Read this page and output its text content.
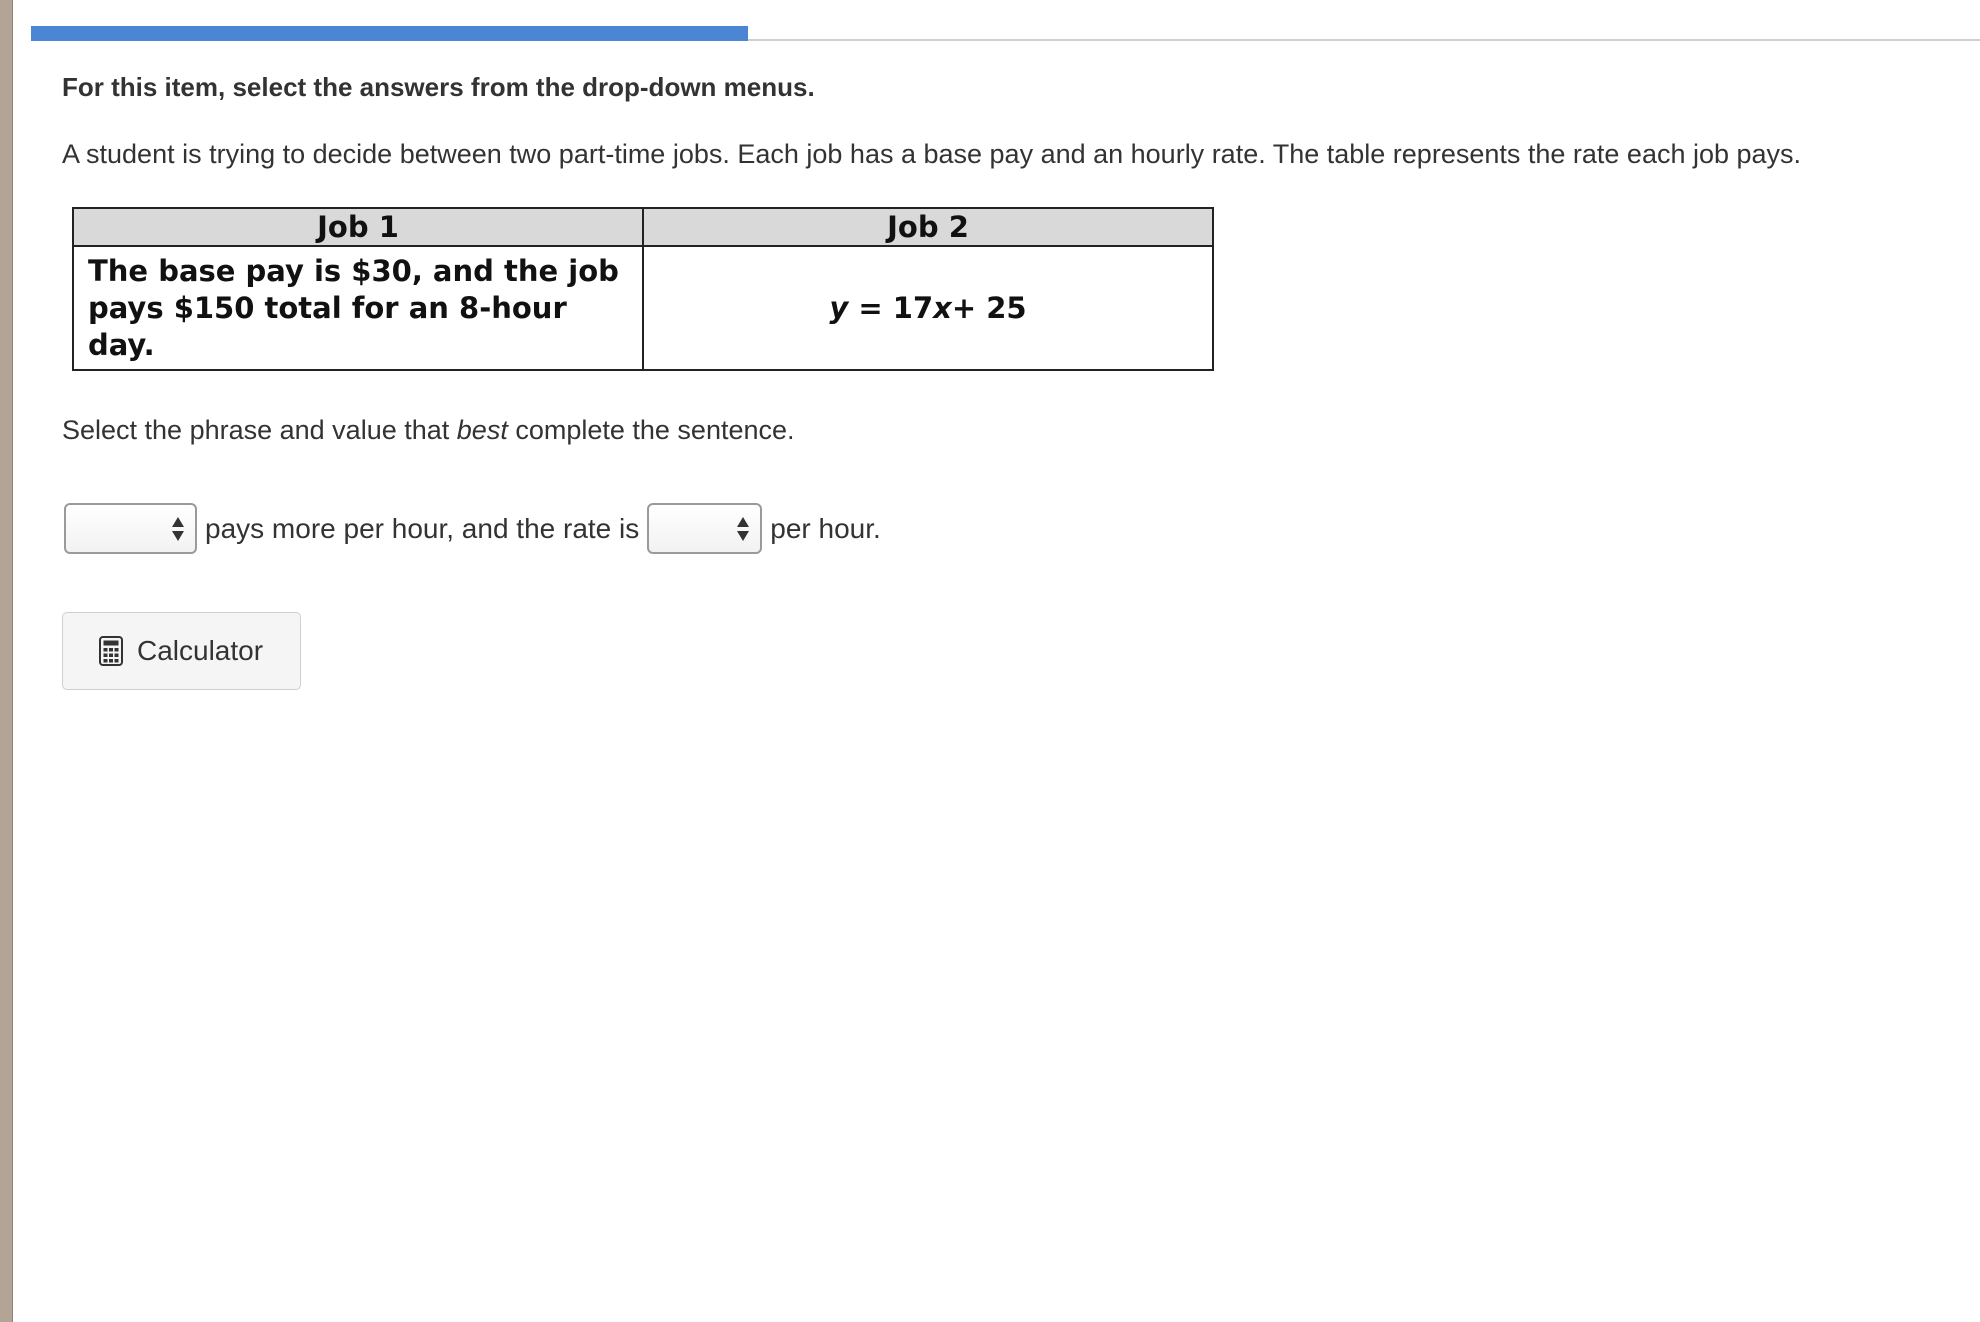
For this item, select the answers from the drop-down menus.

A student is trying to decide between two part-time jobs. Each job has a base pay and an hourly rate. The table represents the rate each job pays.

Job 1	Job 2
The base pay is $30, and the job
pays $150 total for an 8-hour day.	y = 17x+ 25

Select the phrase and value that best complete the sentence.

pays more per hour, and the rate is	per hour.
Calculator
